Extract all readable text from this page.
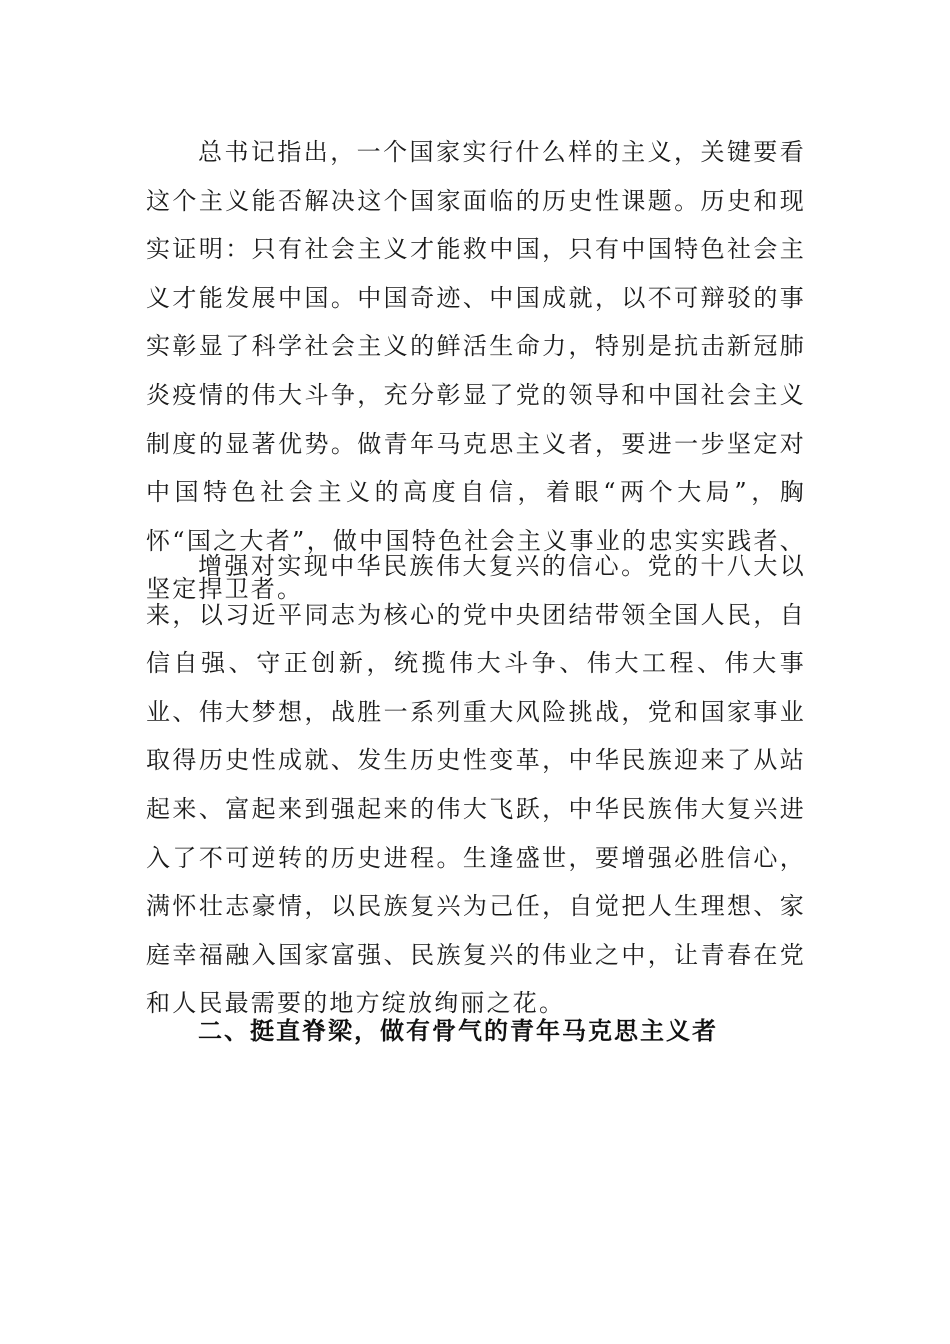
总书记指出，一个国家实行什么样的主义，关键要看这个主义能否解决这个国家面临的历史性课题。历史和现实证明：只有社会主义才能救中国，只有中国特色社会主义才能发展中国。中国奇迹、中国成就，以不可辩驳的事实彰显了科学社会主义的鲜活生命力，特别是抗击新冠肺炎疫情的伟大斗争，充分彰显了党的领导和中国社会主义制度的显著优势。做青年马克思主义者，要进一步坚定对中国特色社会主义的高度自信，着眼“两个大局”，胸怀“国之大者”，做中国特色社会主义事业的忠实实践者、坚定捍卫者。

增强对实现中华民族伟大复兴的信心。党的十八大以来，以习近平同志为核心的党中央团结带领全国人民，自信自强、守正创新，统揽伟大斗争、伟大工程、伟大事业、伟大梦想，战胜一系列重大风险挑战，党和国家事业取得历史性成就、发生历史性变革，中华民族迎来了从站起来、富起来到强起来的伟大飞跃，中华民族伟大复兴进入了不可逆转的历史进程。生逢盛世，要增强必胜信心，满怀壮志豪情，以民族复兴为己任，自觉把人生理想、家庭幸福融入国家富强、民族复兴的伟业之中，让青春在党和人民最需要的地方绽放绚丽之花。

二、挺直脊梁，做有骨气的青年马克思主义者
